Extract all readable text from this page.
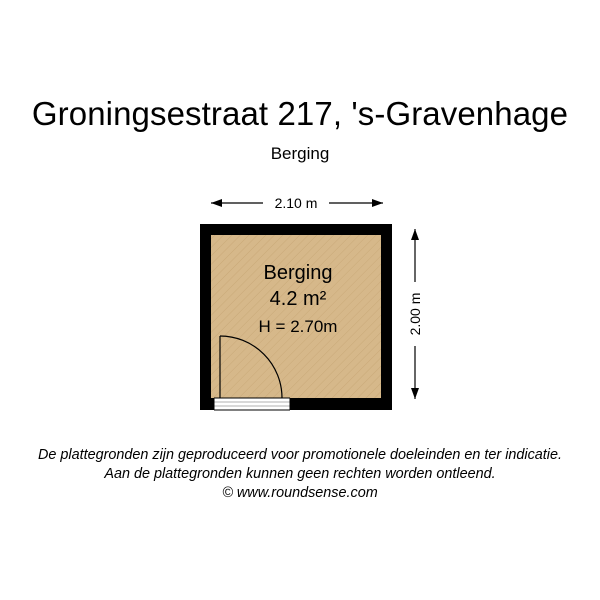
Groningsestraat 217, 's-Gravenhage
Berging
2.10 m
2.00 m
Berging
4.2 m²
H = 2.70m
De plattegronden zijn geproduceerd voor promotionele doeleinden en ter indicatie.
Aan de plattegronden kunnen geen rechten worden ontleend.
© www.roundsense.com
